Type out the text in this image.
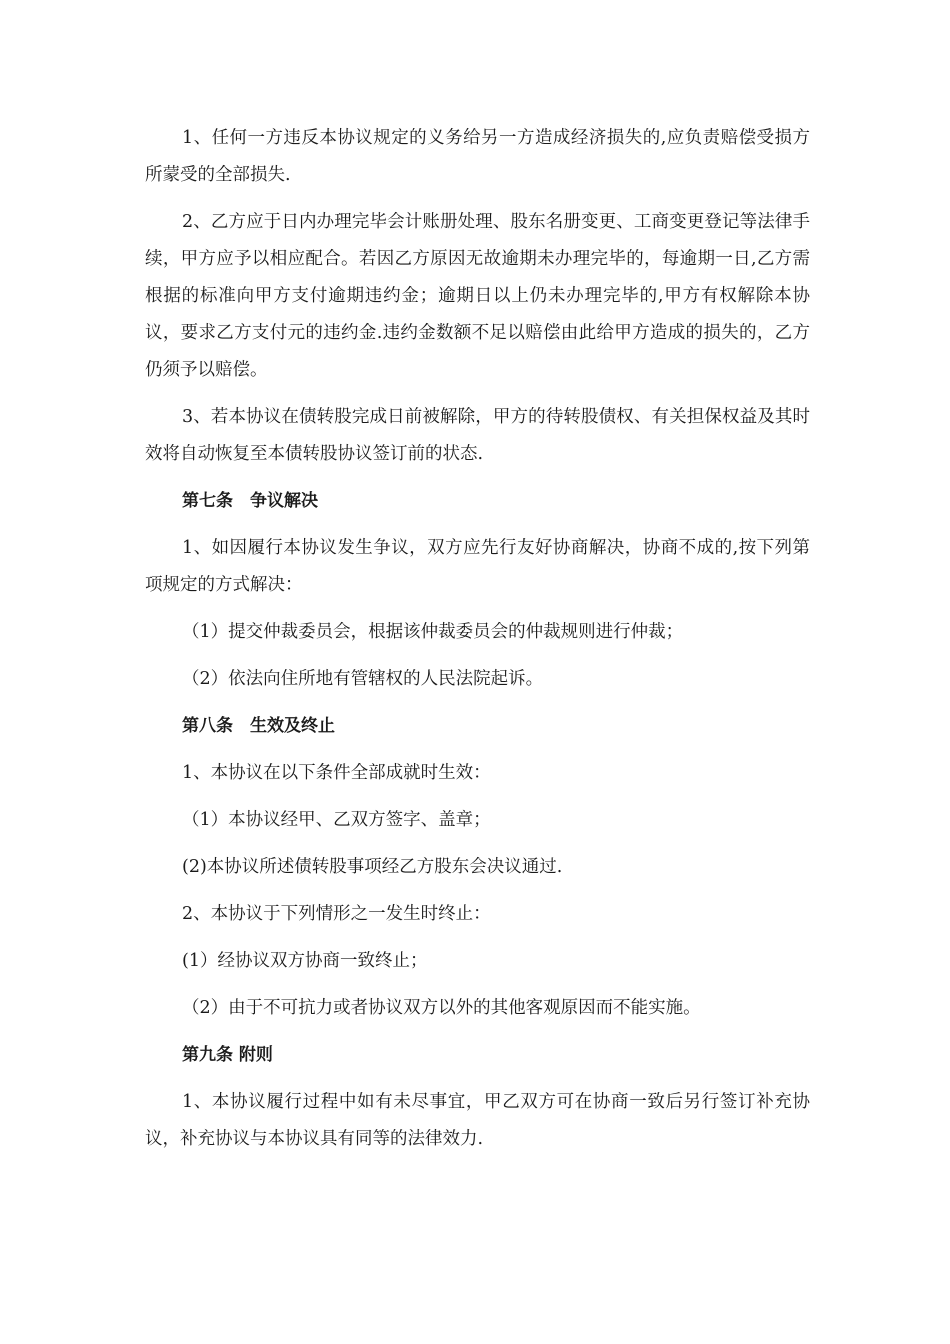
1、任何一方违反本协议规定的义务给另一方造成经济损失的,应负责赔偿受损方所蒙受的全部损失.

2、乙方应于日内办理完毕会计账册处理、股东名册变更、工商变更登记等法律手续，甲方应予以相应配合。若因乙方原因无故逾期未办理完毕的，每逾期一日,乙方需根据的标准向甲方支付逾期违约金；逾期日以上仍未办理完毕的,甲方有权解除本协议，要求乙方支付元的违约金.违约金数额不足以赔偿由此给甲方造成的损失的，乙方仍须予以赔偿。

3、若本协议在债转股完成日前被解除，甲方的待转股债权、有关担保权益及其时效将自动恢复至本债转股协议签订前的状态.

第七条　争议解决

1、如因履行本协议发生争议，双方应先行友好协商解决，协商不成的,按下列第项规定的方式解决：

（1）提交仲裁委员会，根据该仲裁委员会的仲裁规则进行仲裁；

（2）依法向住所地有管辖权的人民法院起诉。

第八条　生效及终止

1、本协议在以下条件全部成就时生效：

（1）本协议经甲、乙双方签字、盖章；

(2)本协议所述债转股事项经乙方股东会决议通过.

2、本协议于下列情形之一发生时终止：

(1）经协议双方协商一致终止；

（2）由于不可抗力或者协议双方以外的其他客观原因而不能实施。

第九条 附则

1、本协议履行过程中如有未尽事宜，甲乙双方可在协商一致后另行签订补充协议，补充协议与本协议具有同等的法律效力.
